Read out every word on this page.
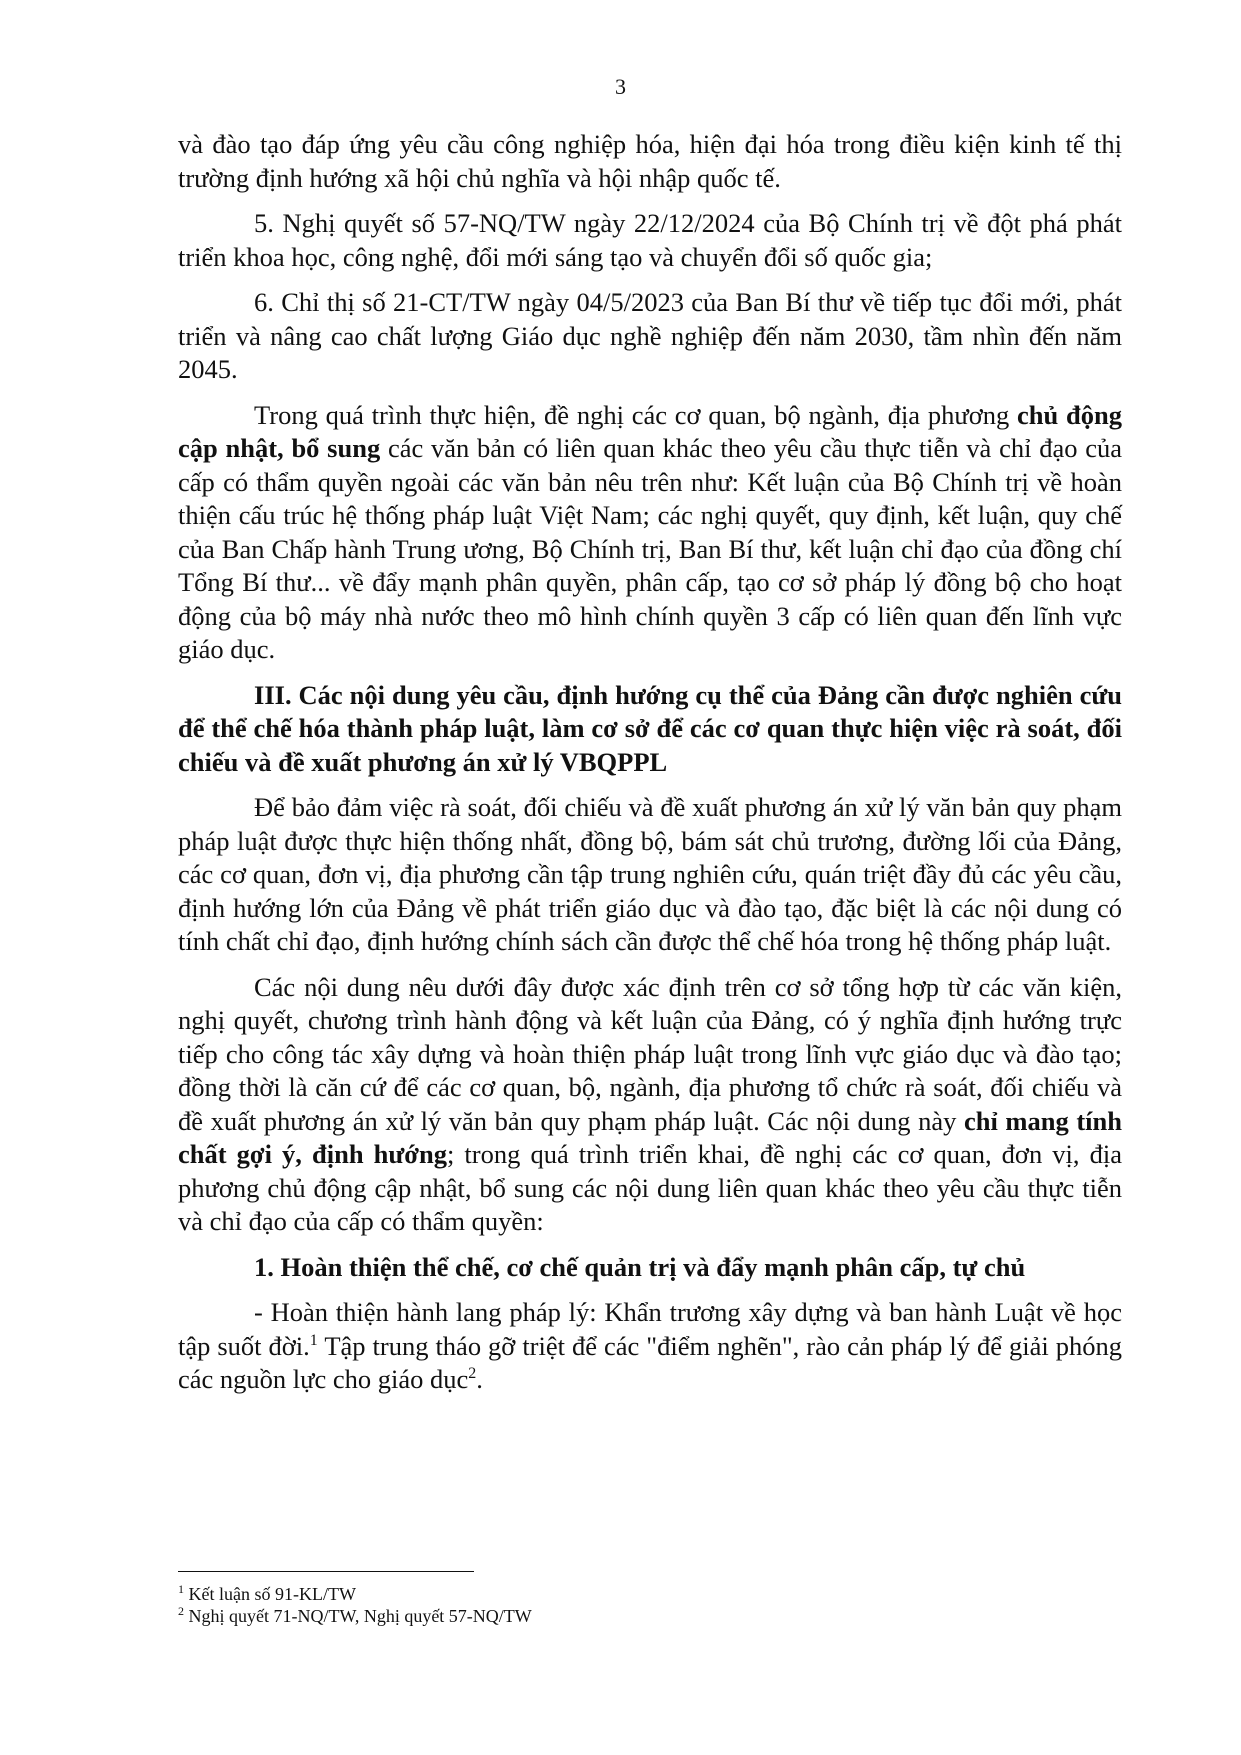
3

và đào tạo đáp ứng yêu cầu công nghiệp hóa, hiện đại hóa trong điều kiện kinh tế thị trường định hướng xã hội chủ nghĩa và hội nhập quốc tế.

5. Nghị quyết số 57-NQ/TW ngày 22/12/2024 của Bộ Chính trị về đột phá phát triển khoa học, công nghệ, đổi mới sáng tạo và chuyển đổi số quốc gia;

6. Chỉ thị số 21-CT/TW ngày 04/5/2023 của Ban Bí thư về tiếp tục đổi mới, phát triển và nâng cao chất lượng Giáo dục nghề nghiệp đến năm 2030, tầm nhìn đến năm 2045.

Trong quá trình thực hiện, đề nghị các cơ quan, bộ ngành, địa phương chủ động cập nhật, bổ sung các văn bản có liên quan khác theo yêu cầu thực tiễn và chỉ đạo của cấp có thẩm quyền ngoài các văn bản nêu trên như: Kết luận của Bộ Chính trị về hoàn thiện cấu trúc hệ thống pháp luật Việt Nam; các nghị quyết, quy định, kết luận, quy chế của Ban Chấp hành Trung ương, Bộ Chính trị, Ban Bí thư, kết luận chỉ đạo của đồng chí Tổng Bí thư... về đẩy mạnh phân quyền, phân cấp, tạo cơ sở pháp lý đồng bộ cho hoạt động của bộ máy nhà nước theo mô hình chính quyền 3 cấp có liên quan đến lĩnh vực giáo dục.

III. Các nội dung yêu cầu, định hướng cụ thể của Đảng cần được nghiên cứu để thể chế hóa thành pháp luật, làm cơ sở để các cơ quan thực hiện việc rà soát, đối chiếu và đề xuất phương án xử lý VBQPPL

Để bảo đảm việc rà soát, đối chiếu và đề xuất phương án xử lý văn bản quy phạm pháp luật được thực hiện thống nhất, đồng bộ, bám sát chủ trương, đường lối của Đảng, các cơ quan, đơn vị, địa phương cần tập trung nghiên cứu, quán triệt đầy đủ các yêu cầu, định hướng lớn của Đảng về phát triển giáo dục và đào tạo, đặc biệt là các nội dung có tính chất chỉ đạo, định hướng chính sách cần được thể chế hóa trong hệ thống pháp luật.

Các nội dung nêu dưới đây được xác định trên cơ sở tổng hợp từ các văn kiện, nghị quyết, chương trình hành động và kết luận của Đảng, có ý nghĩa định hướng trực tiếp cho công tác xây dựng và hoàn thiện pháp luật trong lĩnh vực giáo dục và đào tạo; đồng thời là căn cứ để các cơ quan, bộ, ngành, địa phương tổ chức rà soát, đối chiếu và đề xuất phương án xử lý văn bản quy phạm pháp luật. Các nội dung này chỉ mang tính chất gợi ý, định hướng; trong quá trình triển khai, đề nghị các cơ quan, đơn vị, địa phương chủ động cập nhật, bổ sung các nội dung liên quan khác theo yêu cầu thực tiễn và chỉ đạo của cấp có thẩm quyền:

1. Hoàn thiện thể chế, cơ chế quản trị và đẩy mạnh phân cấp, tự chủ

- Hoàn thiện hành lang pháp lý: Khẩn trương xây dựng và ban hành Luật về học tập suốt đời.$^1$ Tập trung tháo gỡ triệt để các "điểm nghẽn", rào cản pháp lý để giải phóng các nguồn lực cho giáo dục$^2$.

$^1$ Kết luận số 91-KL/TW
$^2$ Nghị quyết 71-NQ/TW, Nghị quyết 57-NQ/TW
